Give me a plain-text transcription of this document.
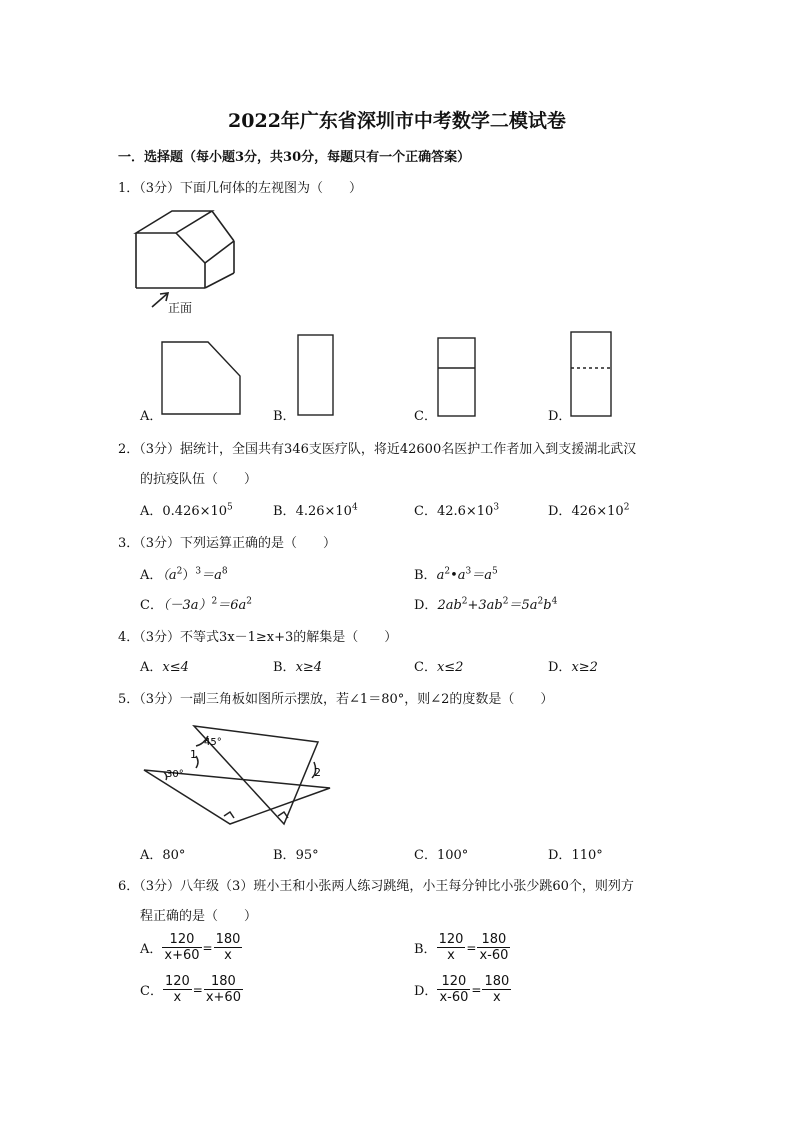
2022年广东省深圳市中考数学二模试卷
一．选择题（每小题3分，共30分，每题只有一个正确答案）
1．（3分）下面几何体的左视图为（　　）
正面
A．	B．	C．	D．
2．（3分）据统计，全国共有346支医疗队，将近42600名医护工作者加入到支援湖北武汉
的抗疫队伍（　　）
A．$0.426\times 10^5$	B．$4.26\times 10^4$	C．$42.6\times 10^3$	D．$426\times 10^2$
3．（3分）下列运算正确的是（　　）
A．$(a^2)^3=a^8$	B．$a^2•a^3=a^5$
C．$(-3a)^2=6a^2$	D．$2ab^2+3ab^2=5a^2b^4$
4．（3分）不等式3x－1≥x+3的解集是（　　）
A．x≤4	B．x≥4	C．x≤2	D．x≥2
5．（3分）一副三角板如图所示摆放，若∠1＝80°，则∠2的度数是（　　）
45°
30°
1
2
A．80°	B．95°	C．100°	D．110°
6．（3分）八年级（3）班小王和小张两人练习跳绳，小王每分钟比小张少跳60个，则列方
程正确的是（　　）
A． $\frac{120}{x+60} = \frac{180}{x}$	B． $\frac{120}{x} = \frac{180}{x-60}$
C． $\frac{120}{x} = \frac{180}{x+60}$	D． $\frac{120}{x-60} = \frac{180}{x}$
